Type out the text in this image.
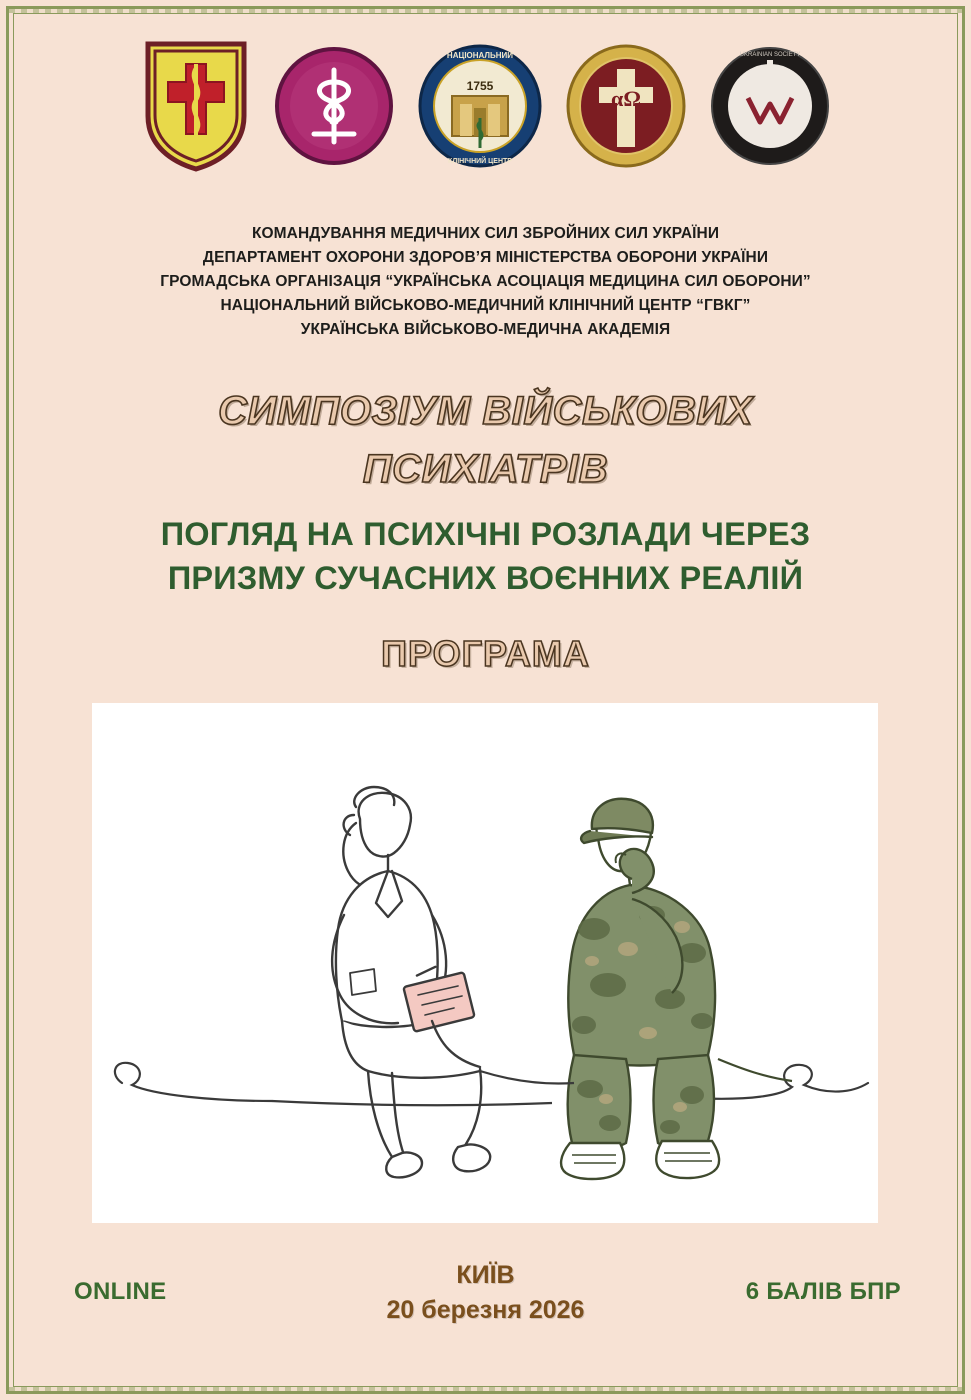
НАЦІОНАЛЬНИЙ
КЛІНІЧНИЙ ЦЕНТР
1755	αΩ
UKRAINIAN SOCIETY
КОМАНДУВАННЯ МЕДИЧНИХ СИЛ ЗБРОЙНИХ СИЛ УКРАЇНИ
ДЕПАРТАМЕНТ ОХОРОНИ ЗДОРОВ’Я МІНІСТЕРСТВА ОБОРОНИ УКРАЇНИ
ГРОМАДСЬКА ОРГАНІЗАЦІЯ “УКРАЇНСЬКА АСОЦІАЦІЯ МЕДИЦИНА СИЛ ОБОРОНИ”
НАЦІОНАЛЬНИЙ ВІЙСЬКОВО-МЕДИЧНИЙ КЛІНІЧНИЙ ЦЕНТР “ГВКГ”
УКРАЇНСЬКА ВІЙСЬКОВО-МЕДИЧНА АКАДЕМІЯ
СИМПОЗІУМ ВІЙСЬКОВИХ
ПСИХІАТРІВ
ПОГЛЯД НА ПСИХІЧНІ РОЗЛАДИ ЧЕРЕЗ
ПРИЗМУ СУЧАСНИХ ВОЄННИХ РЕАЛІЙ
ПРОГРАМА
ONLINE
КИЇВ
20 березня 2026
6 БАЛІВ БПР
